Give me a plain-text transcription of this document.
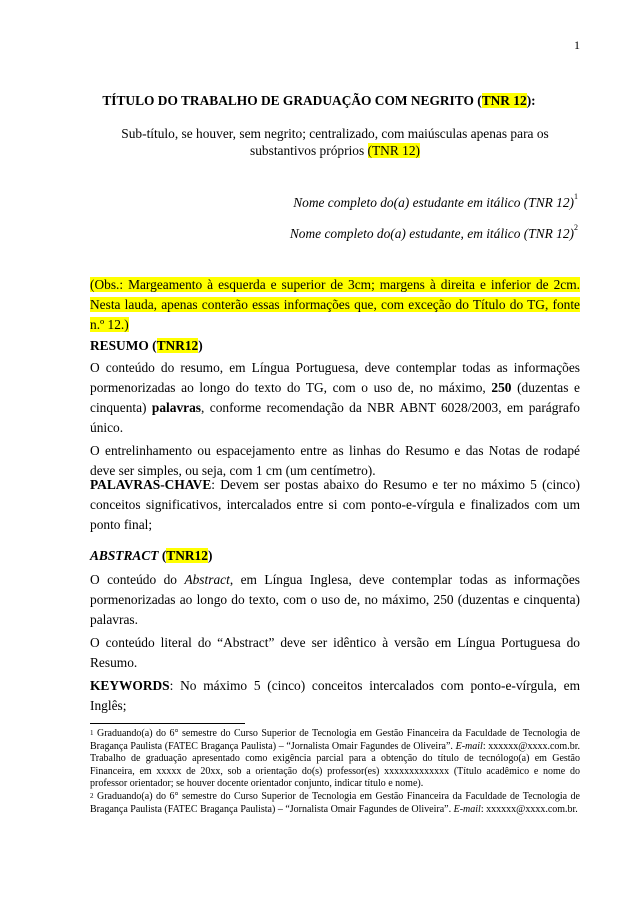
1
TÍTULO DO TRABALHO DE GRADUAÇÃO COM NEGRITO (TNR 12):
Sub-título, se houver, sem negrito; centralizado, com maiúsculas apenas para os substantivos próprios (TNR 12)
Nome completo do(a) estudante em itálico (TNR 12)$^1$
Nome completo do(a) estudante, em itálico (TNR 12)$^2$
(Obs.: Margeamento à esquerda e superior de 3cm; margens à direita e inferior de 2cm. Nesta lauda, apenas conterão essas informações que, com exceção do Título do TG, fonte n.º 12.)
RESUMO (TNR12)

O conteúdo do resumo, em Língua Portuguesa, deve contemplar todas as informações pormenorizadas ao longo do texto do TG, com o uso de, no máximo, 250 (duzentas e cinquenta) palavras, conforme recomendação da NBR ABNT 6028/2003, em parágrafo único.

O entrelinhamento ou espacejamento entre as linhas do Resumo e das Notas de rodapé deve ser simples, ou seja, com 1 cm (um centímetro).

PALAVRAS-CHAVE: Devem ser postas abaixo do Resumo e ter no máximo 5 (cinco) conceitos significativos, intercalados entre si com ponto-e-vírgula e finalizados com um ponto final;

ABSTRACT (TNR12)

O conteúdo do Abstract, em Língua Inglesa, deve contemplar todas as informações pormenorizadas ao longo do texto, com o uso de, no máximo, 250 (duzentas e cinquenta) palavras.

O conteúdo literal do “Abstract” deve ser idêntico à versão em Língua Portuguesa do Resumo.

KEYWORDS: No máximo 5 (cinco) conceitos intercalados com ponto-e-vírgula, em Inglês;

$^1$ Graduando(a) do 6° semestre do Curso Superior de Tecnologia em Gestão Financeira da Faculdade de Tecnologia de Bragança Paulista (FATEC Bragança Paulista) – “Jornalista Omair Fagundes de Oliveira”. E-mail: xxxxxx@xxxx.com.br. Trabalho de graduação apresentado como exigência parcial para a obtenção do título de tecnólogo(a) em Gestão Financeira, em xxxxx de 20xx, sob a orientação do(s) professor(es) xxxxxxxxxxxxx (Título acadêmico e nome do professor orientador; se houver docente orientador conjunto, indicar título e nome).

$^2$ Graduando(a) do 6° semestre do Curso Superior de Tecnologia em Gestão Financeira da Faculdade de Tecnologia de Bragança Paulista (FATEC Bragança Paulista) – “Jornalista Omair Fagundes de Oliveira”. E-mail: xxxxxx@xxxx.com.br.
